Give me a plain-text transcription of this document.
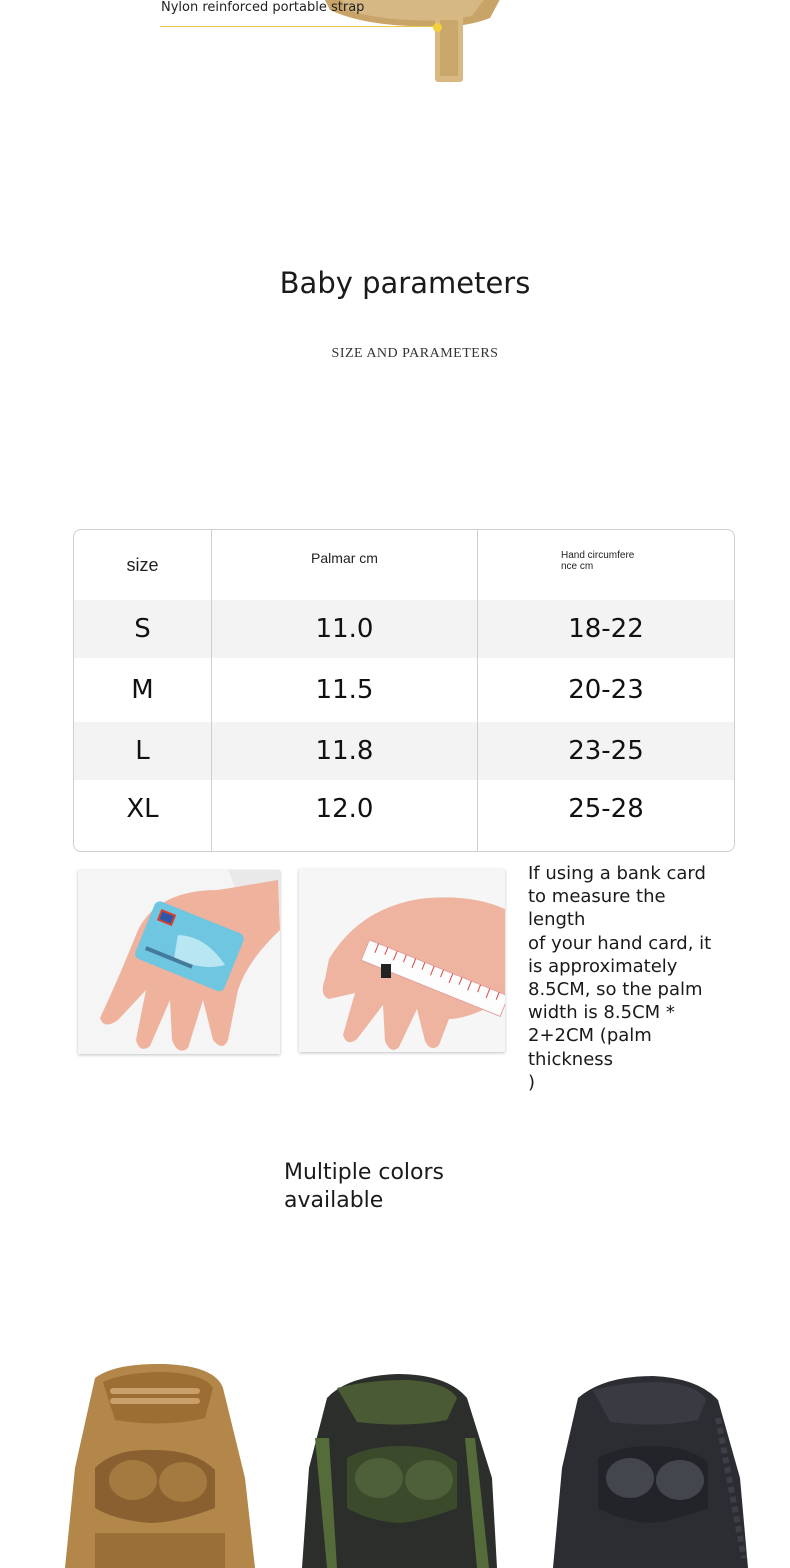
Nylon reinforced portable strap
Baby parameters
SIZE AND PARAMETERS
size	Palmar cm	Hand circumfere nce cm
S	11.0	18-22
M	11.5	20-23
L	11.8	23-25
XL	12.0	25-28
If using a bank card
to measure the length
of your hand card, it
is approximately
8.5CM, so the palm
width is 8.5CM *
2+2CM (palm thickness
)
Multiple colors available
